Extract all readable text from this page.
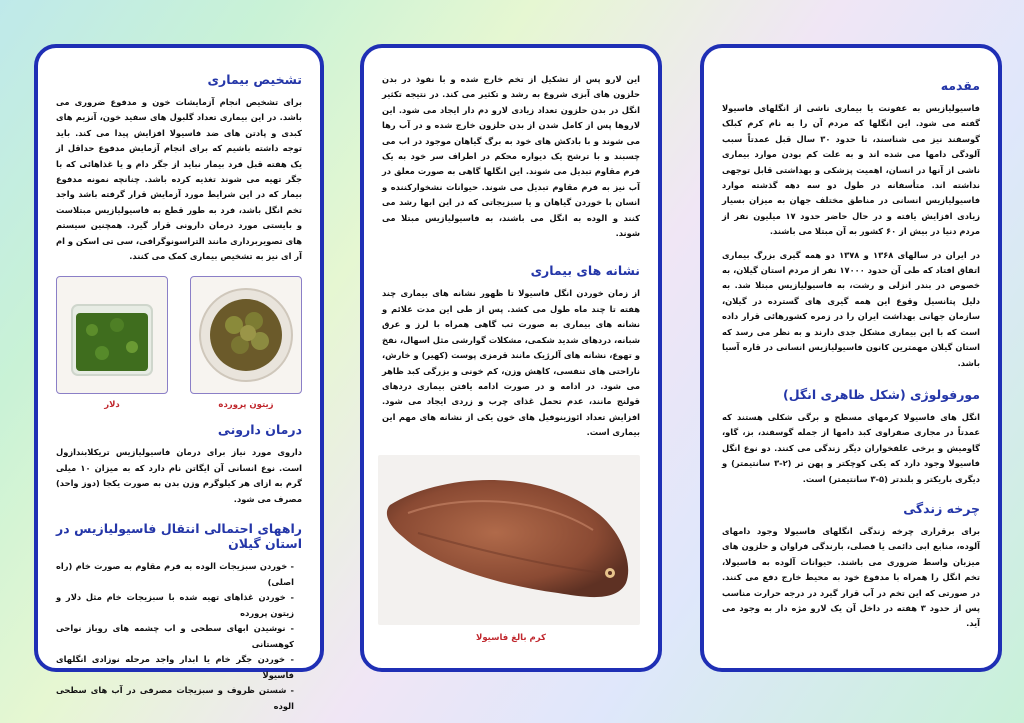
مقدمه

فاسیولیازیس به عفونت یا بیماری ناشی از انگلهای فاسیولا گفته می شود. این انگلها که مردم آن را به نام کرم کبلک گوسفند نیز می شناسند، تا حدود ۳۰ سال قبل عمدتاً سبب آلودگی دامها می شده اند و به علت کم بودن موارد بیماری ناشی از آنها در انسان، اهمیت پزشکی و بهداشتی قابل توجهی نداشته اند. متأسفانه در طول دو سه دهه گذشته موارد فاسیولیازیس انسانی در مناطق مختلف جهان به میزان بسیار زیادی افزایش یافته و در حال حاضر حدود ۱۷ میلیون نفر از مردم دنیا در بیش از ۶۰ کشور به آن مبتلا می باشند.

در ایران در سالهای ۱۳۶۸ و ۱۳۷۸ دو همه گیری بزرگ بیماری اتفاق افتاد که طی آن حدود ۱۷۰۰۰ نفر از مردم استان گیلان، به خصوص در بندر انزلی و رشت، به فاسیولیازیس مبتلا شد. به دلیل پتانسیل وقوع این همه گیری های گسترده در گیلان، سازمان جهانی بهداشت ایران را در زمره کشورهائی قرار داده است که با این بیماری مشکل جدی دارند و به نظر می رسد که استان گیلان مهمترین کانون فاسیولیازیس انسانی در قاره آسیا باشد.

مورفولوژی (شکل ظاهری انگل)

انگل های فاسیولا کرمهای مسطح و برگی شکلی هستند که عمدتاً در مجاری صفراوی کبد دامها از جمله گوسفند، بز، گاو، گاومیش و برخی علفخواران دیگر زندگی می کنند. دو نوع انگل فاسیولا وجود دارد که یکی کوچکتر و پهن تر (۲-۳ سانتیمتر) و دیگری باریکتر و بلندتر (۵-۳ سانتیمتر) است.

چرخه زندگی

برای برقراری چرخه زندگی انگلهای فاسیولا وجود دامهای آلوده، منابع ابی دائمی یا فصلی، بارندگی فراوان و حلزون های میزبان واسط ضروری می باشند. حیوانات آلوده به فاسیولا، تخم انگل را همراه با مدفوع خود به محیط خارج دفع می کنند. در صورتی که این تخم در آب قرار گیرد در درجه حرارت مناسب پس از حدود ۳ هفته در داخل آن یک لارو مژه دار به وجود می آید.

این لارو پس از تشکیل از تخم خارج شده و با نفوذ در بدن حلزون های آبزی شروع به رشد و تکثیر می کند. در نتیجه تکثیر انگل در بدن حلزون تعداد زیادی لارو دم دار ایجاد می شود. این لاروها پس از کامل شدن از بدن حلزون خارج شده و در آب رها می شوند و با بادکش های خود به برگ گیاهان موجود در اب می چسبند و با ترشح یک دیواره محکم در اطراف سر خود به یک فرم مقاوم تبدیل می شوند. این انگلها گاهی به صورت معلق در آب نیز به فرم مقاوم تبدیل می شوند. حیوانات نشخوارکننده و انسان با خوردن گیاهان و یا سبزیجاتی که در این ابها رشد می کنند و الوده به انگل می باشند، به فاسیولیازیس مبتلا می شوند.

نشانه های بیماری

از زمان خوردن انگل فاسیولا تا ظهور نشانه های بیماری چند هفته تا چند ماه طول می کشد. پس از طی این مدت علائم و نشانه های بیماری به صورت تب گاهی همراه با لرز و عرق شبانه، دردهای شدید شکمی، مشکلات گوارشی مثل اسهال، نفخ و تهوع، نشانه های آلرژیک مانند قرمزی پوست (کهیر) و خارش، ناراحتی های تنفسی، کاهش وزن، کم خونی و بزرگی کبد ظاهر می شود. در ادامه و در صورت ادامه یافتن بیماری دردهای قولنج مانند، عدم تحمل غذای چرب و زردی ایجاد می شود. افزایش تعداد ائوزینوفیل های خون یکی از نشانه های مهم این بیماری است.

کرم بالغ فاسیولا
تشخیص بیماری

برای تشخیص انجام آزمایشات خون و مدفوع ضروری می باشد. در این بیماری تعداد گلبول های سفید خون، آنزیم های کبدی و پادتن های ضد فاسیولا افزایش پیدا می کند. باید توجه داشته باشیم که برای انجام آزمایش مدفوع حداقل از یک هفته قبل فرد بیمار نباید از جگر دام و یا غذاهائی که با جگر تهیه می شوند تغذیه کرده باشد. چنانچه نمونه مدفوع بیمار که در این شرایط مورد آزمایش قرار گرفته باشد واجد تخم انگل باشد، فرد به طور قطع به فاسیولیازیس مبتلاست و بایستی مورد درمان دارونی قرار گیرد. همچنین سیستم های تصویربرداری مانند التراسونوگرافی، سی تی اسکن و ام آر ای نیز به تشخیص بیماری کمک می کنند.

زیتون پرورده
دلار
درمان دارونی

داروی مورد نیاز برای درمان فاسیولیازیس تریکلابندازول است. نوع انسانی آن ایگاتن نام دارد که به میزان ۱۰ میلی گرم به ازای هر کیلوگرم وزن بدن به صورت یکجا (دوز واحد) مصرف می شود.

راههای احتمالی انتقال فاسیولیازیس در استان گیلان
- خوردن سبزیجات الوده به فرم مقاوم به صورت خام (راه اصلی)
- خوردن غذاهای تهیه شده با سبزیجات خام مثل دلار و زیتون پرورده
- نوشیدن ابهای سطحی و اب چشمه های روباز نواحی کوهستانی
- خوردن جگر خام یا ابدار واجد مرحله نوزادی انگلهای فاسیولا
- شستن ظروف و سبزیجات مصرفی در آب های سطحی الوده
